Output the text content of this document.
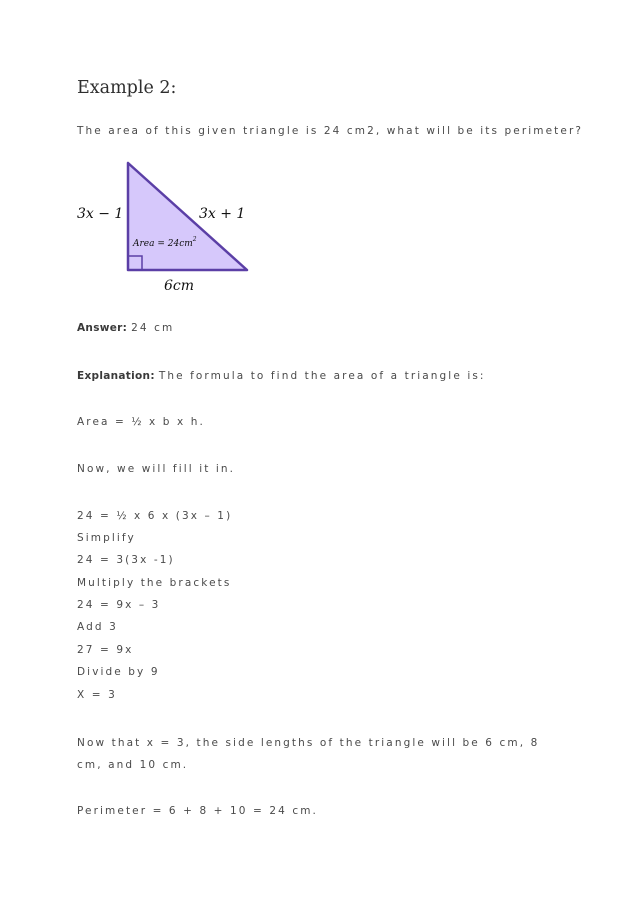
Example 2:

The area of this given triangle is 24 cm2, what will be its perimeter?

3x − 1	3x + 1
Area = $24cm^2$
6cm

Answer: 24 cm

Explanation: The formula to find the area of a triangle is:

Area = ½ x b x h.

Now, we will fill it in.

24 = ½ x 6 x (3x – 1)

Simplify

24 = 3(3x -1)

Multiply the brackets

24 = 9x – 3

Add 3

27 = 9x

Divide by 9

X = 3

Now that x = 3, the side lengths of the triangle will be 6 cm, 8 cm, and 10 cm.

Perimeter = 6 + 8 + 10 = 24 cm.
